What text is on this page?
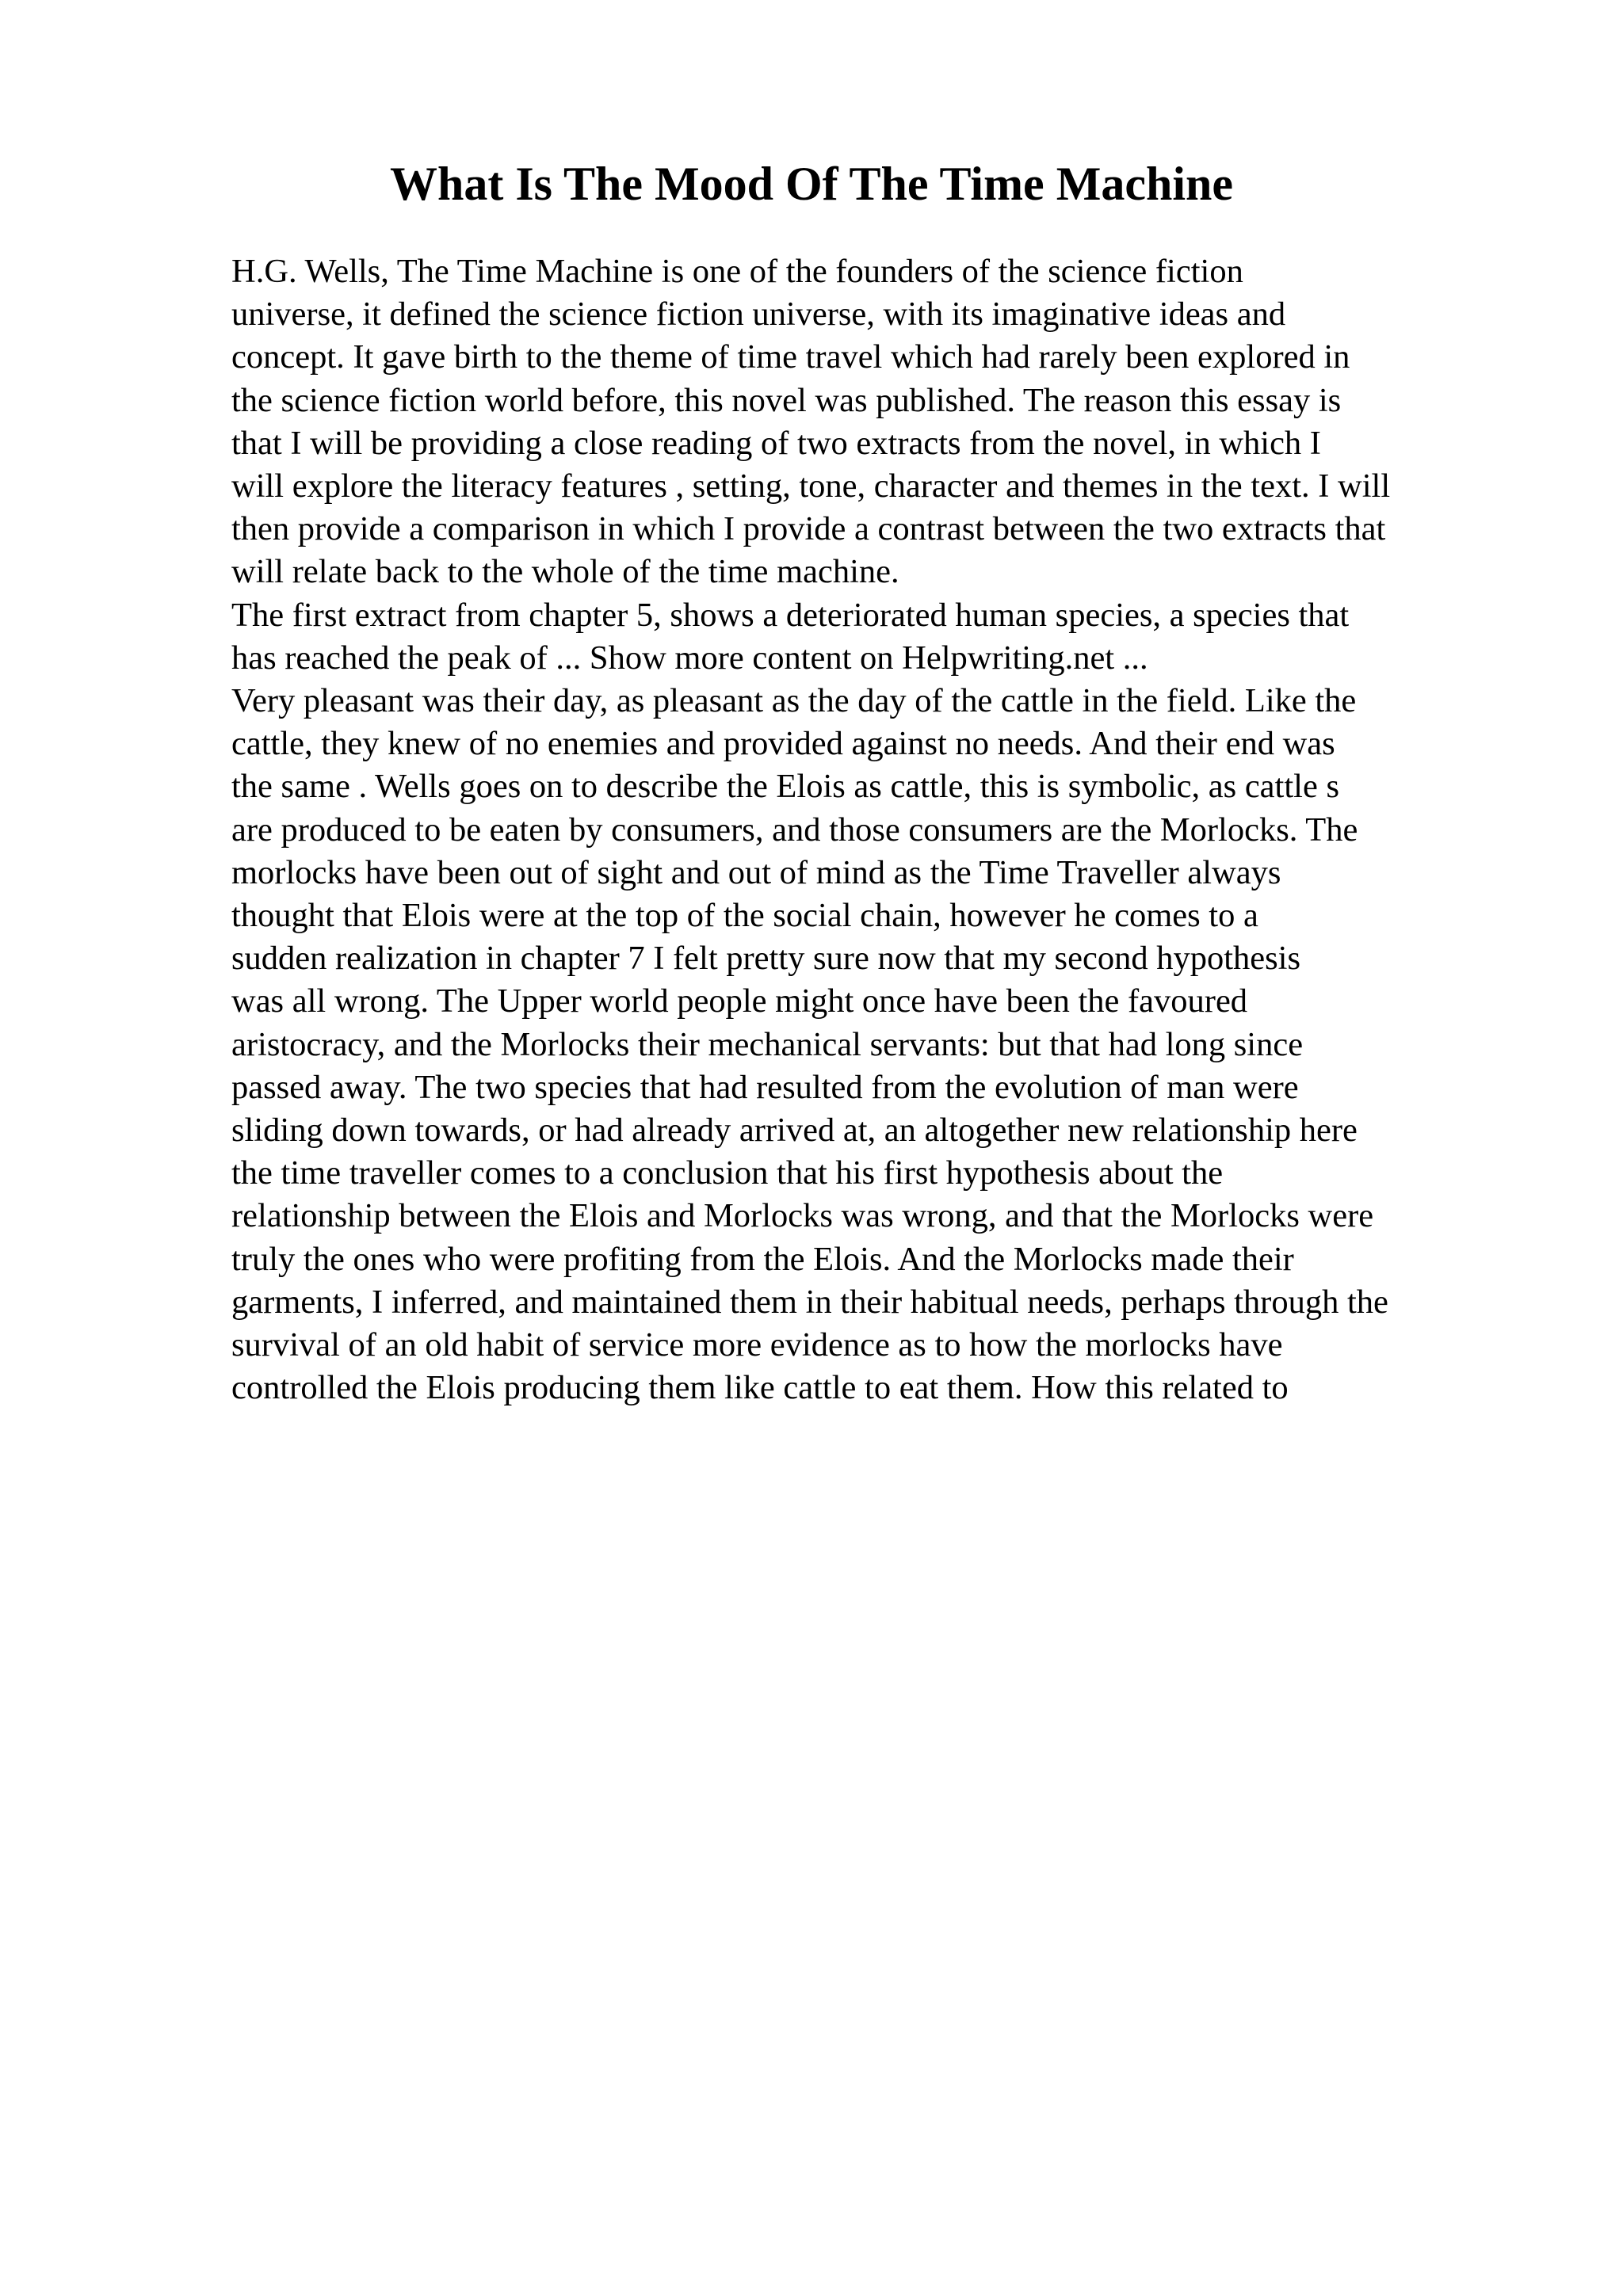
What Is The Mood Of The Time Machine
H.G. Wells, The Time Machine is one of the founders of the science fiction
universe, it defined the science fiction universe, with its imaginative ideas and
concept. It gave birth to the theme of time travel which had rarely been explored in
the science fiction world before, this novel was published. The reason this essay is
that I will be providing a close reading of two extracts from the novel, in which I
will explore the literacy features , setting, tone, character and themes in the text. I will
then provide a comparison in which I provide a contrast between the two extracts that
will relate back to the whole of the time machine.
The first extract from chapter 5, shows a deteriorated human species, a species that
has reached the peak of ... Show more content on Helpwriting.net ...
Very pleasant was their day, as pleasant as the day of the cattle in the field. Like the
cattle, they knew of no enemies and provided against no needs. And their end was
the same . Wells goes on to describe the Elois as cattle, this is symbolic, as cattle s
are produced to be eaten by consumers, and those consumers are the Morlocks. The
morlocks have been out of sight and out of mind as the Time Traveller always
thought that Elois were at the top of the social chain, however he comes to a
sudden realization in chapter 7 I felt pretty sure now that my second hypothesis
was all wrong. The Upper world people might once have been the favoured
aristocracy, and the Morlocks their mechanical servants: but that had long since
passed away. The two species that had resulted from the evolution of man were
sliding down towards, or had already arrived at, an altogether new relationship here
the time traveller comes to a conclusion that his first hypothesis about the
relationship between the Elois and Morlocks was wrong, and that the Morlocks were
truly the ones who were profiting from the Elois. And the Morlocks made their
garments, I inferred, and maintained them in their habitual needs, perhaps through the
survival of an old habit of service more evidence as to how the morlocks have
controlled the Elois producing them like cattle to eat them. How this related to
